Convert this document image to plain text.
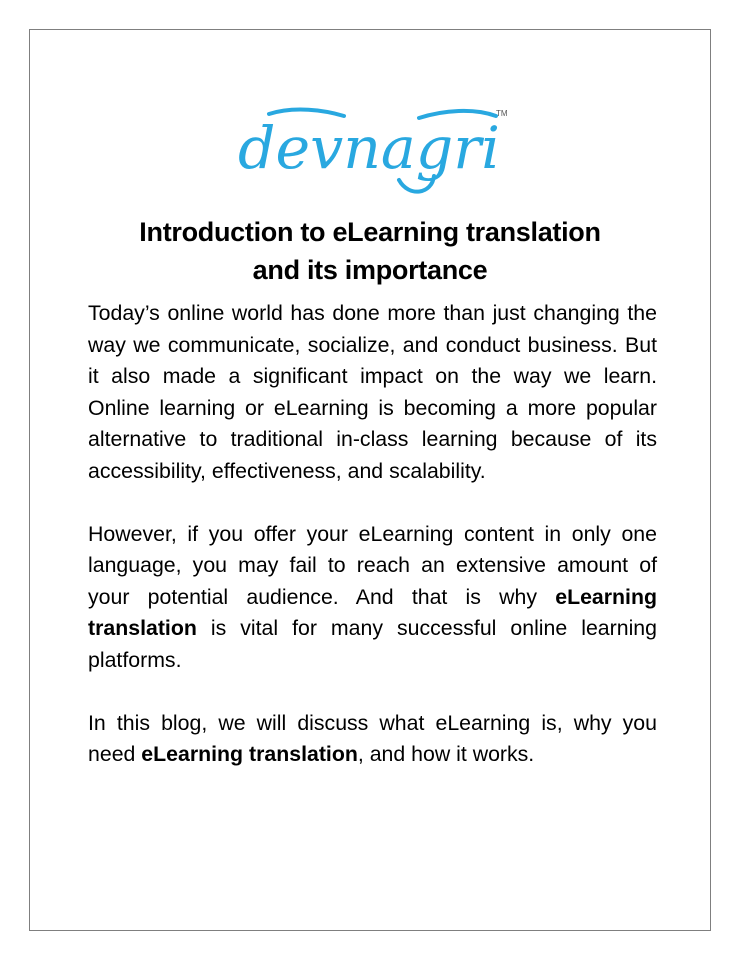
devnagri
TM
Introduction to eLearning translation
and its importance

Today’s online world has done more than just changing the way we communicate, socialize, and conduct business. But it also made a significant impact on the way we learn. Online learning or eLearning is becoming a more popular alternative to traditional in-class learning because of its accessibility, effectiveness, and scalability.

However, if you offer your eLearning content in only one language, you may fail to reach an extensive amount of your potential audience. And that is why eLearning translation is vital for many successful online learning platforms.

In this blog, we will discuss what eLearning is, why you need eLearning translation, and how it works.
